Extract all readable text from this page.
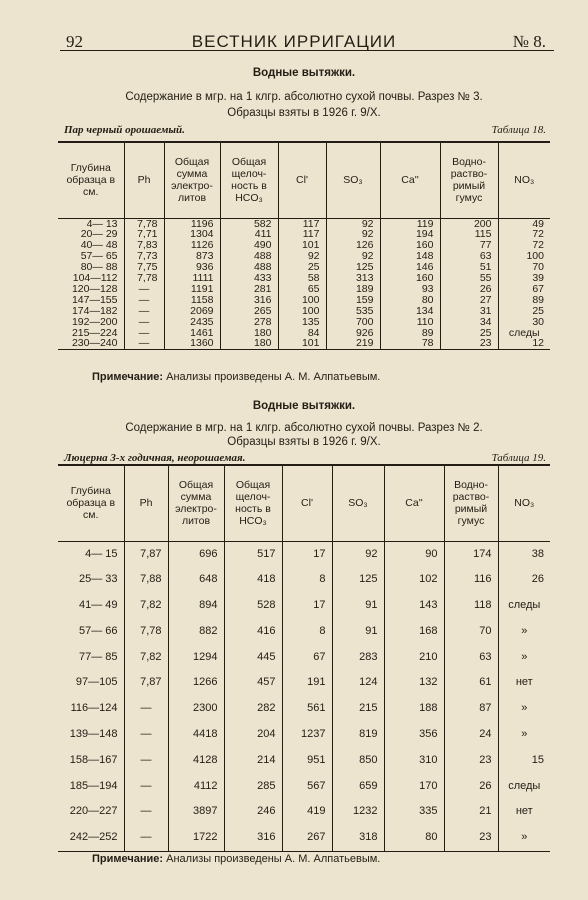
92	ВЕСТНИК ИРРИГАЦИИ	№ 8.
Водные вытяжки.
Содержание в мгр. на 1 клгр. абсолютно сухой почвы. Разрез № 3.
Образцы взяты в 1926 г. 9/X.
Пар черный орошаемый.	Таблица 18.
Глубина образца в см.	Ph	Общая сумма электро- литов	Общая щелоч- ность в HCO₃	Cl'	SO₃	Ca''	Водно- раство- римый гумус	NO₃
4— 13	7,78	1196	582	117	92	119	200	49
20— 29	7,71	1304	411	117	92	194	115	72
40— 48	7,83	1126	490	101	126	160	77	72
57— 65	7,73	873	488	92	92	148	63	100
80— 88	7,75	936	488	25	125	146	51	70
104—112	7,78	1111	433	58	313	160	55	39
120—128	—	1191	281	65	189	93	26	67
147—155	—	1158	316	100	159	80	27	89
174—182	—	2069	265	100	535	134	31	25
192—200	—	2435	278	135	700	110	34	30
215—224	—	1461	180	84	926	89	25	следы
230—240	—	1360	180	101	219	78	23	12
Примечание: Анализы произведены А. М. Алпатьевым.
Водные вытяжки.
Содержание в мгр. на 1 клгр. абсолютно сухой почвы. Разрез № 2.
Образцы взяты в 1926 г. 9/X.
Люцерна 3-х годичная, неорошаемая.	Таблица 19.
Глубина образца в см.	Ph	Общая сумма электро- литов	Общая щелоч- ность в HCO₃	Cl'	SO₃	Ca''	Водно- раство- римый гумус	NO₃
4— 15	7,87	696	517	17	92	90	174	38
25— 33	7,88	648	418	8	125	102	116	26
41— 49	7,82	894	528	17	91	143	118	следы
57— 66	7,78	882	416	8	91	168	70	»
77— 85	7,82	1294	445	67	283	210	63	»
97—105	7,87	1266	457	191	124	132	61	нет
116—124	—	2300	282	561	215	188	87	»
139—148	—	4418	204	1237	819	356	24	»
158—167	—	4128	214	951	850	310	23	15
185—194	—	4112	285	567	659	170	26	следы
220—227	—	3897	246	419	1232	335	21	нет
242—252	—	1722	316	267	318	80	23	»
Примечание: Анализы произведены А. М. Алпатьевым.
